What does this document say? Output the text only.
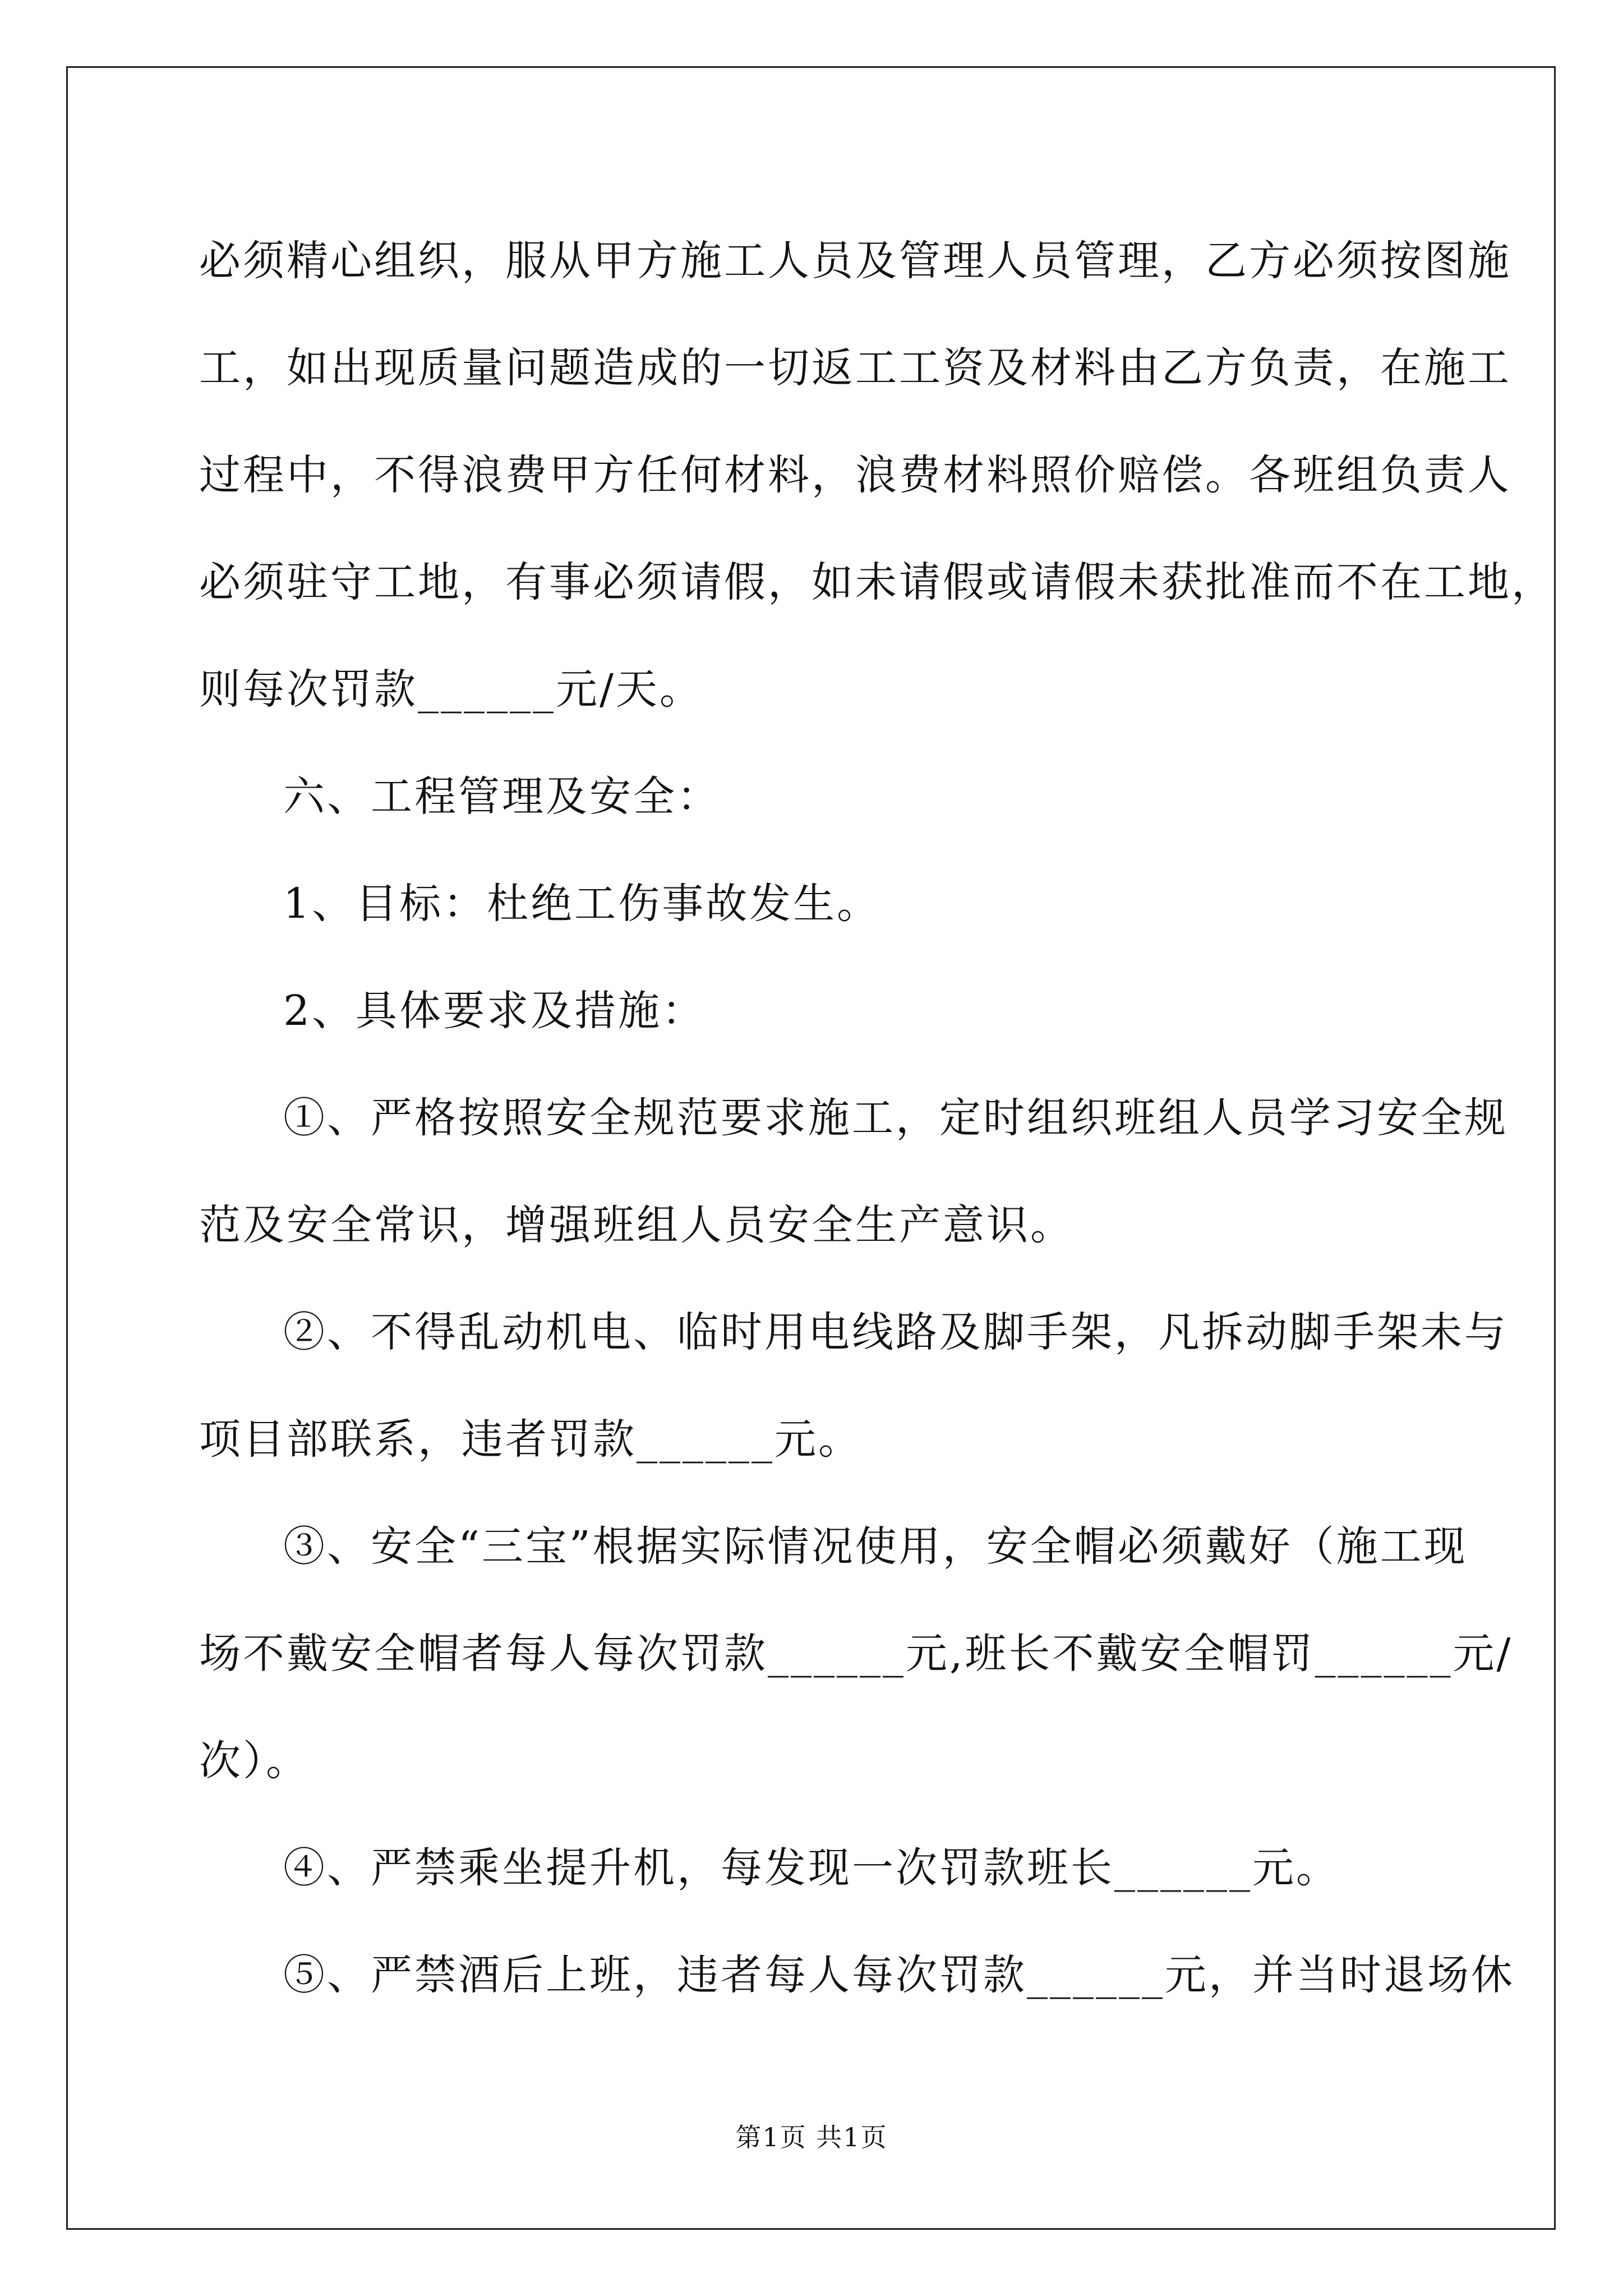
必须精心组织，服从甲方施工人员及管理人员管理，乙方必须按图施
工，如出现质量问题造成的一切返工工资及材料由乙方负责，在施工
过程中，不得浪费甲方任何材料，浪费材料照价赔偿。各班组负责人
必须驻守工地，有事必须请假，如未请假或请假未获批准而不在工地，
则每次罚款______元/天。
六、工程管理及安全：
1、目标：杜绝工伤事故发生。
2、具体要求及措施：
①、严格按照安全规范要求施工，定时组织班组人员学习安全规
范及安全常识，增强班组人员安全生产意识。
②、不得乱动机电、临时用电线路及脚手架，凡拆动脚手架未与
项目部联系，违者罚款______元。
③、安全“三宝”根据实际情况使用，安全帽必须戴好（施工现
场不戴安全帽者每人每次罚款______元,班长不戴安全帽罚______元/
次）。
④、严禁乘坐提升机，每发现一次罚款班长______元。
⑤、严禁酒后上班，违者每人每次罚款______元，并当时退场休
第1页 共1页
